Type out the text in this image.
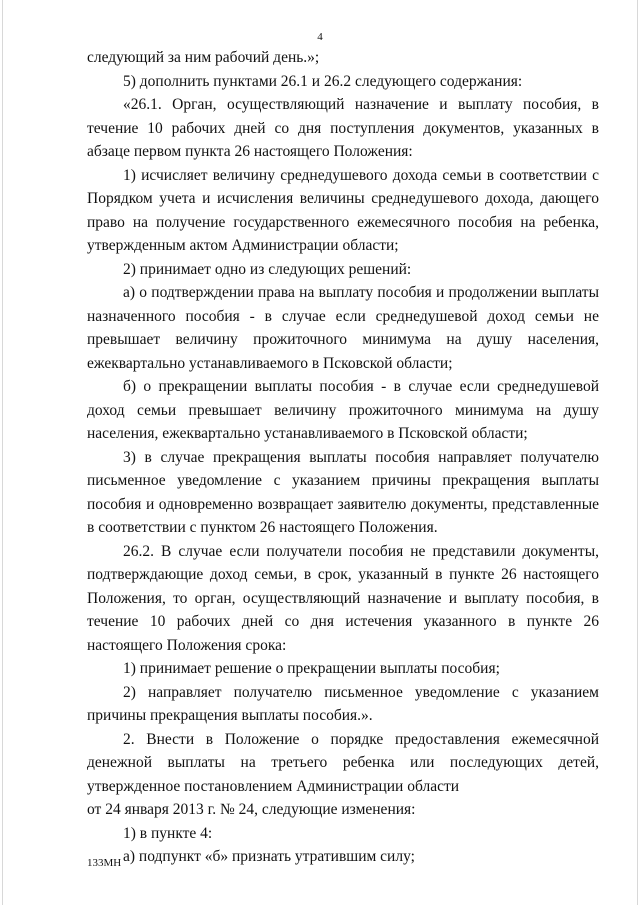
4

следующий за ним рабочий день.»;

5) дополнить пунктами 26.1 и 26.2 следующего содержания:

«26.1. Орган, осуществляющий назначение и выплату пособия, в течение 10 рабочих дней со дня поступления документов, указанных в абзаце первом пункта 26 настоящего Положения:

1) исчисляет величину среднедушевого дохода семьи в соответствии с Порядком учета и исчисления величины среднедушевого дохода, дающего право на получение государственного ежемесячного пособия на ребенка, утвержденным актом Администрации области;

2) принимает одно из следующих решений:

а) о подтверждении права на выплату пособия и продолжении выплаты назначенного пособия - в случае если среднедушевой доход семьи не превышает величину прожиточного минимума на душу населения, ежеквартально устанавливаемого в Псковской области;

б) о прекращении выплаты пособия - в случае если среднедушевой доход семьи превышает величину прожиточного минимума на душу населения, ежеквартально устанавливаемого в Псковской области;

3) в случае прекращения выплаты пособия направляет получателю письменное уведомление с указанием причины прекращения выплаты пособия и одновременно возвращает заявителю документы, представленные в соответствии с пунктом 26 настоящего Положения.

26.2. В случае если получатели пособия не представили документы, подтверждающие доход семьи, в срок, указанный в пункте 26 настоящего Положения, то орган, осуществляющий назначение и выплату пособия, в течение 10 рабочих дней со дня истечения указанного в пункте 26 настоящего Положения срока:

1) принимает решение о прекращении выплаты пособия;

2) направляет получателю письменное уведомление с указанием причины прекращения выплаты пособия.».

2. Внести в Положение о порядке предоставления ежемесячной денежной выплаты на третьего ребенка или последующих детей, утвержденное постановлением Администрации области

от 24 января 2013 г. № 24, следующие изменения:

1) в пункте 4:

а) подпункт «б» признать утратившим силу;

133МН
